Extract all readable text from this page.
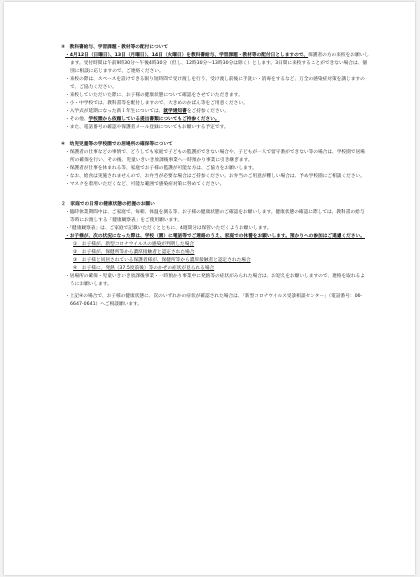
③　教科書給与、学習課題・教材等の配付について
・4月12日（日曜日）、13日（月曜日）、14日（火曜日）を教科書給与、学習課題・教材等の配付日としますので、保護者の方の来校をお願いします。受付時間は午前9時30分～午後4時30分（但し、12時30分～13時30分は除く）とします。3日間に来校することができない場合は、個別に相談に応じますので、ご連絡ください。
・来校の際は、スペースを設けできる限り短時間で受け渡しを行う、受け渡し前後に手洗い・消毒をするなど、万全の感染症対策を講じますので、ご協力ください。
・来校していただいた際に、お子様の健康状態について確認をさせていただきます。
・小・中学校では、教科書等を配付しますので、大きめのかばん等をご用意ください。
・入学式が延期になった新１年生については、就学通知書をご持参ください。
・その他、学校園から依頼している提出書類についてもご持参ください。
・また、電話番号の確認や保護者メール登録についてもお願いする予定です。
④　幼児児童等の学校園での居場所の確保等について
・保護者の仕事などの事情で、どうしても家庭で子どもの監護ができない場合や、子どもが一人で留守番ができない等の場合は、学校園で居場所の確保を行い、その後、児童いきいき放課後事業へ一時預かり事業に引き継ぎます。
・保護者が仕事を休まれる等、家庭でお子様の監護が可能な方は、ご協力をお願いします。
・なお、給食は実施されませんので、お弁当が必要な場合はご持参ください。お弁当のご用意が難しい場合は、予め学校園にご相談ください。
・マスクを着用いただくなど、可能な範囲で感染症対策に努めてください。
２　家庭での日常の健康状態の把握のお願い
・臨時休業期間中は、ご家庭で、毎朝、体温を測る等、お子様の健康状態のご確認をお願いします。健康状態の確認に際しては、教科書の給与等時にお渡しする「健康観察表」をご使用願います。
・「健康観察表」は、ご家庭で記載いただくとともに、4週間分は保管いただくようお願いします。
・お子様が、次の状況になった際は、学校（園）に電話等でご連絡のうえ、家庭での休養をお願いします。預かりへの参加はご遠慮ください。
①　お子様が、新型コロナウイルスの感染が判明した場合
②　お子様が、保健所等から濃厚接触者と認定された場合
③　お子様と同居されている保護者様が、保健所等から濃厚接触者と認定された場合
④　お子様に、発熱（37.5度前後）等のかぜの症状が見られる場合
・居場所の確保・児童いきいき放課後事業・一時預かり事業中に発熱等の症状がみられた場合は、お迎えをお願いしますので、連絡を取れるようにお願いします。
・上記④の場合で、お子様の健康状態に、次のいずれかの症状が確認された場合は、「新型コロナウイルス受診相談センター」（電話番号：06-6647-0641）へご相談願います。
